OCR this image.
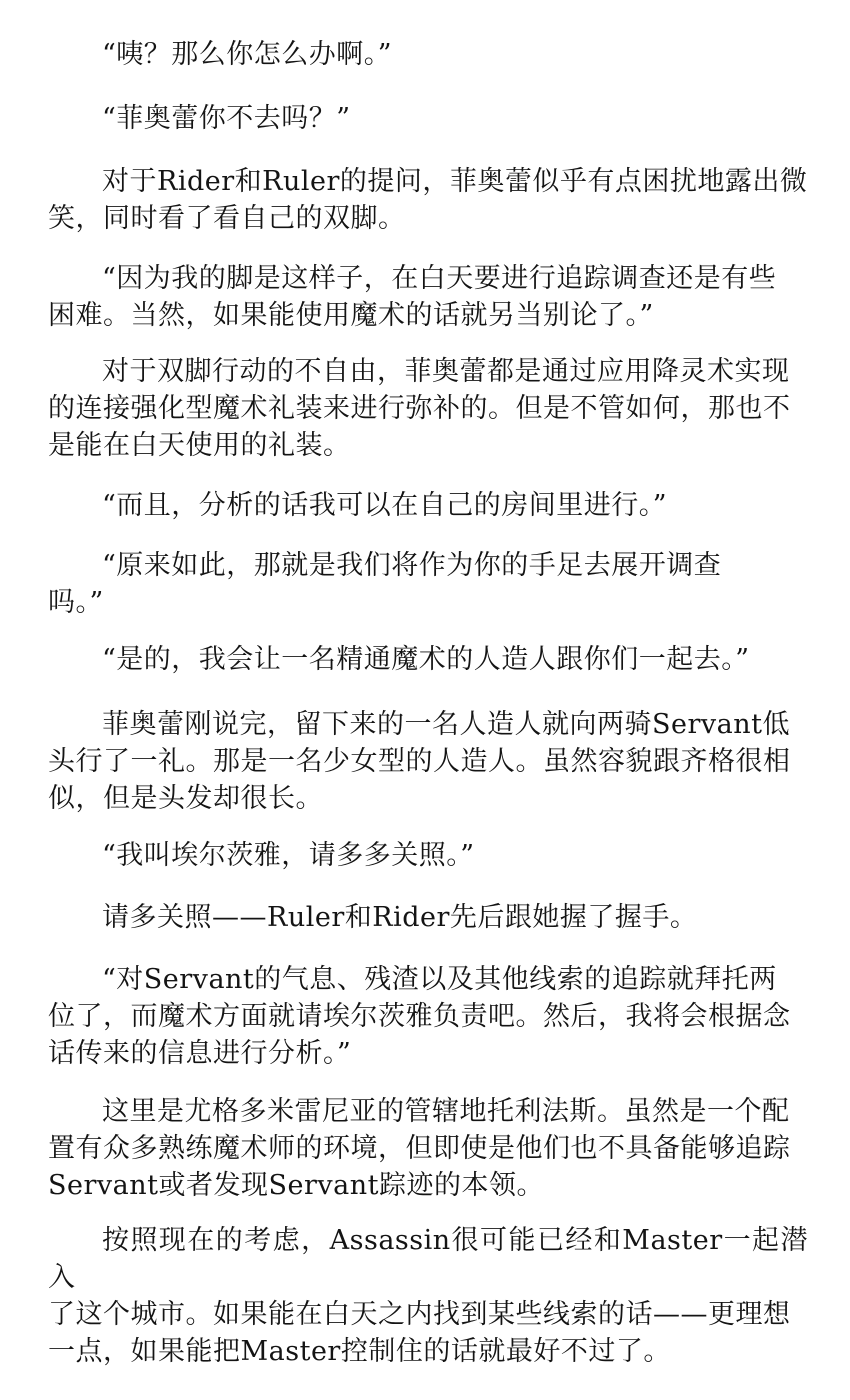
“咦？那么你怎么办啊。”

“菲奥蕾你不去吗？”

对于Rider和Ruler的提问，菲奥蕾似乎有点困扰地露出微
笑，同时看了看自己的双脚。

“因为我的脚是这样子，在白天要进行追踪调查还是有些
困难。当然，如果能使用魔术的话就另当别论了。”

对于双脚行动的不自由，菲奥蕾都是通过应用降灵术实现
的连接强化型魔术礼装来进行弥补的。但是不管如何，那也不
是能在白天使用的礼装。

“而且，分析的话我可以在自己的房间里进行。”

“原来如此，那就是我们将作为你的手足去展开调查
吗。”

“是的，我会让一名精通魔术的人造人跟你们一起去。”

菲奥蕾刚说完，留下来的一名人造人就向两骑Servant低
头行了一礼。那是一名少女型的人造人。虽然容貌跟齐格很相
似，但是头发却很长。

“我叫埃尔茨雅，请多多关照。”

请多关照——Ruler和Rider先后跟她握了握手。

“对Servant的气息、残渣以及其他线索的追踪就拜托两
位了，而魔术方面就请埃尔茨雅负责吧。然后，我将会根据念
话传来的信息进行分析。”

这里是尤格多米雷尼亚的管辖地托利法斯。虽然是一个配
置有众多熟练魔术师的环境，但即使是他们也不具备能够追踪
Servant或者发现Servant踪迹的本领。

按照现在的考虑，Assassin很可能已经和Master一起潜入
了这个城市。如果能在白天之内找到某些线索的话——更理想
一点，如果能把Master控制住的话就最好不过了。
